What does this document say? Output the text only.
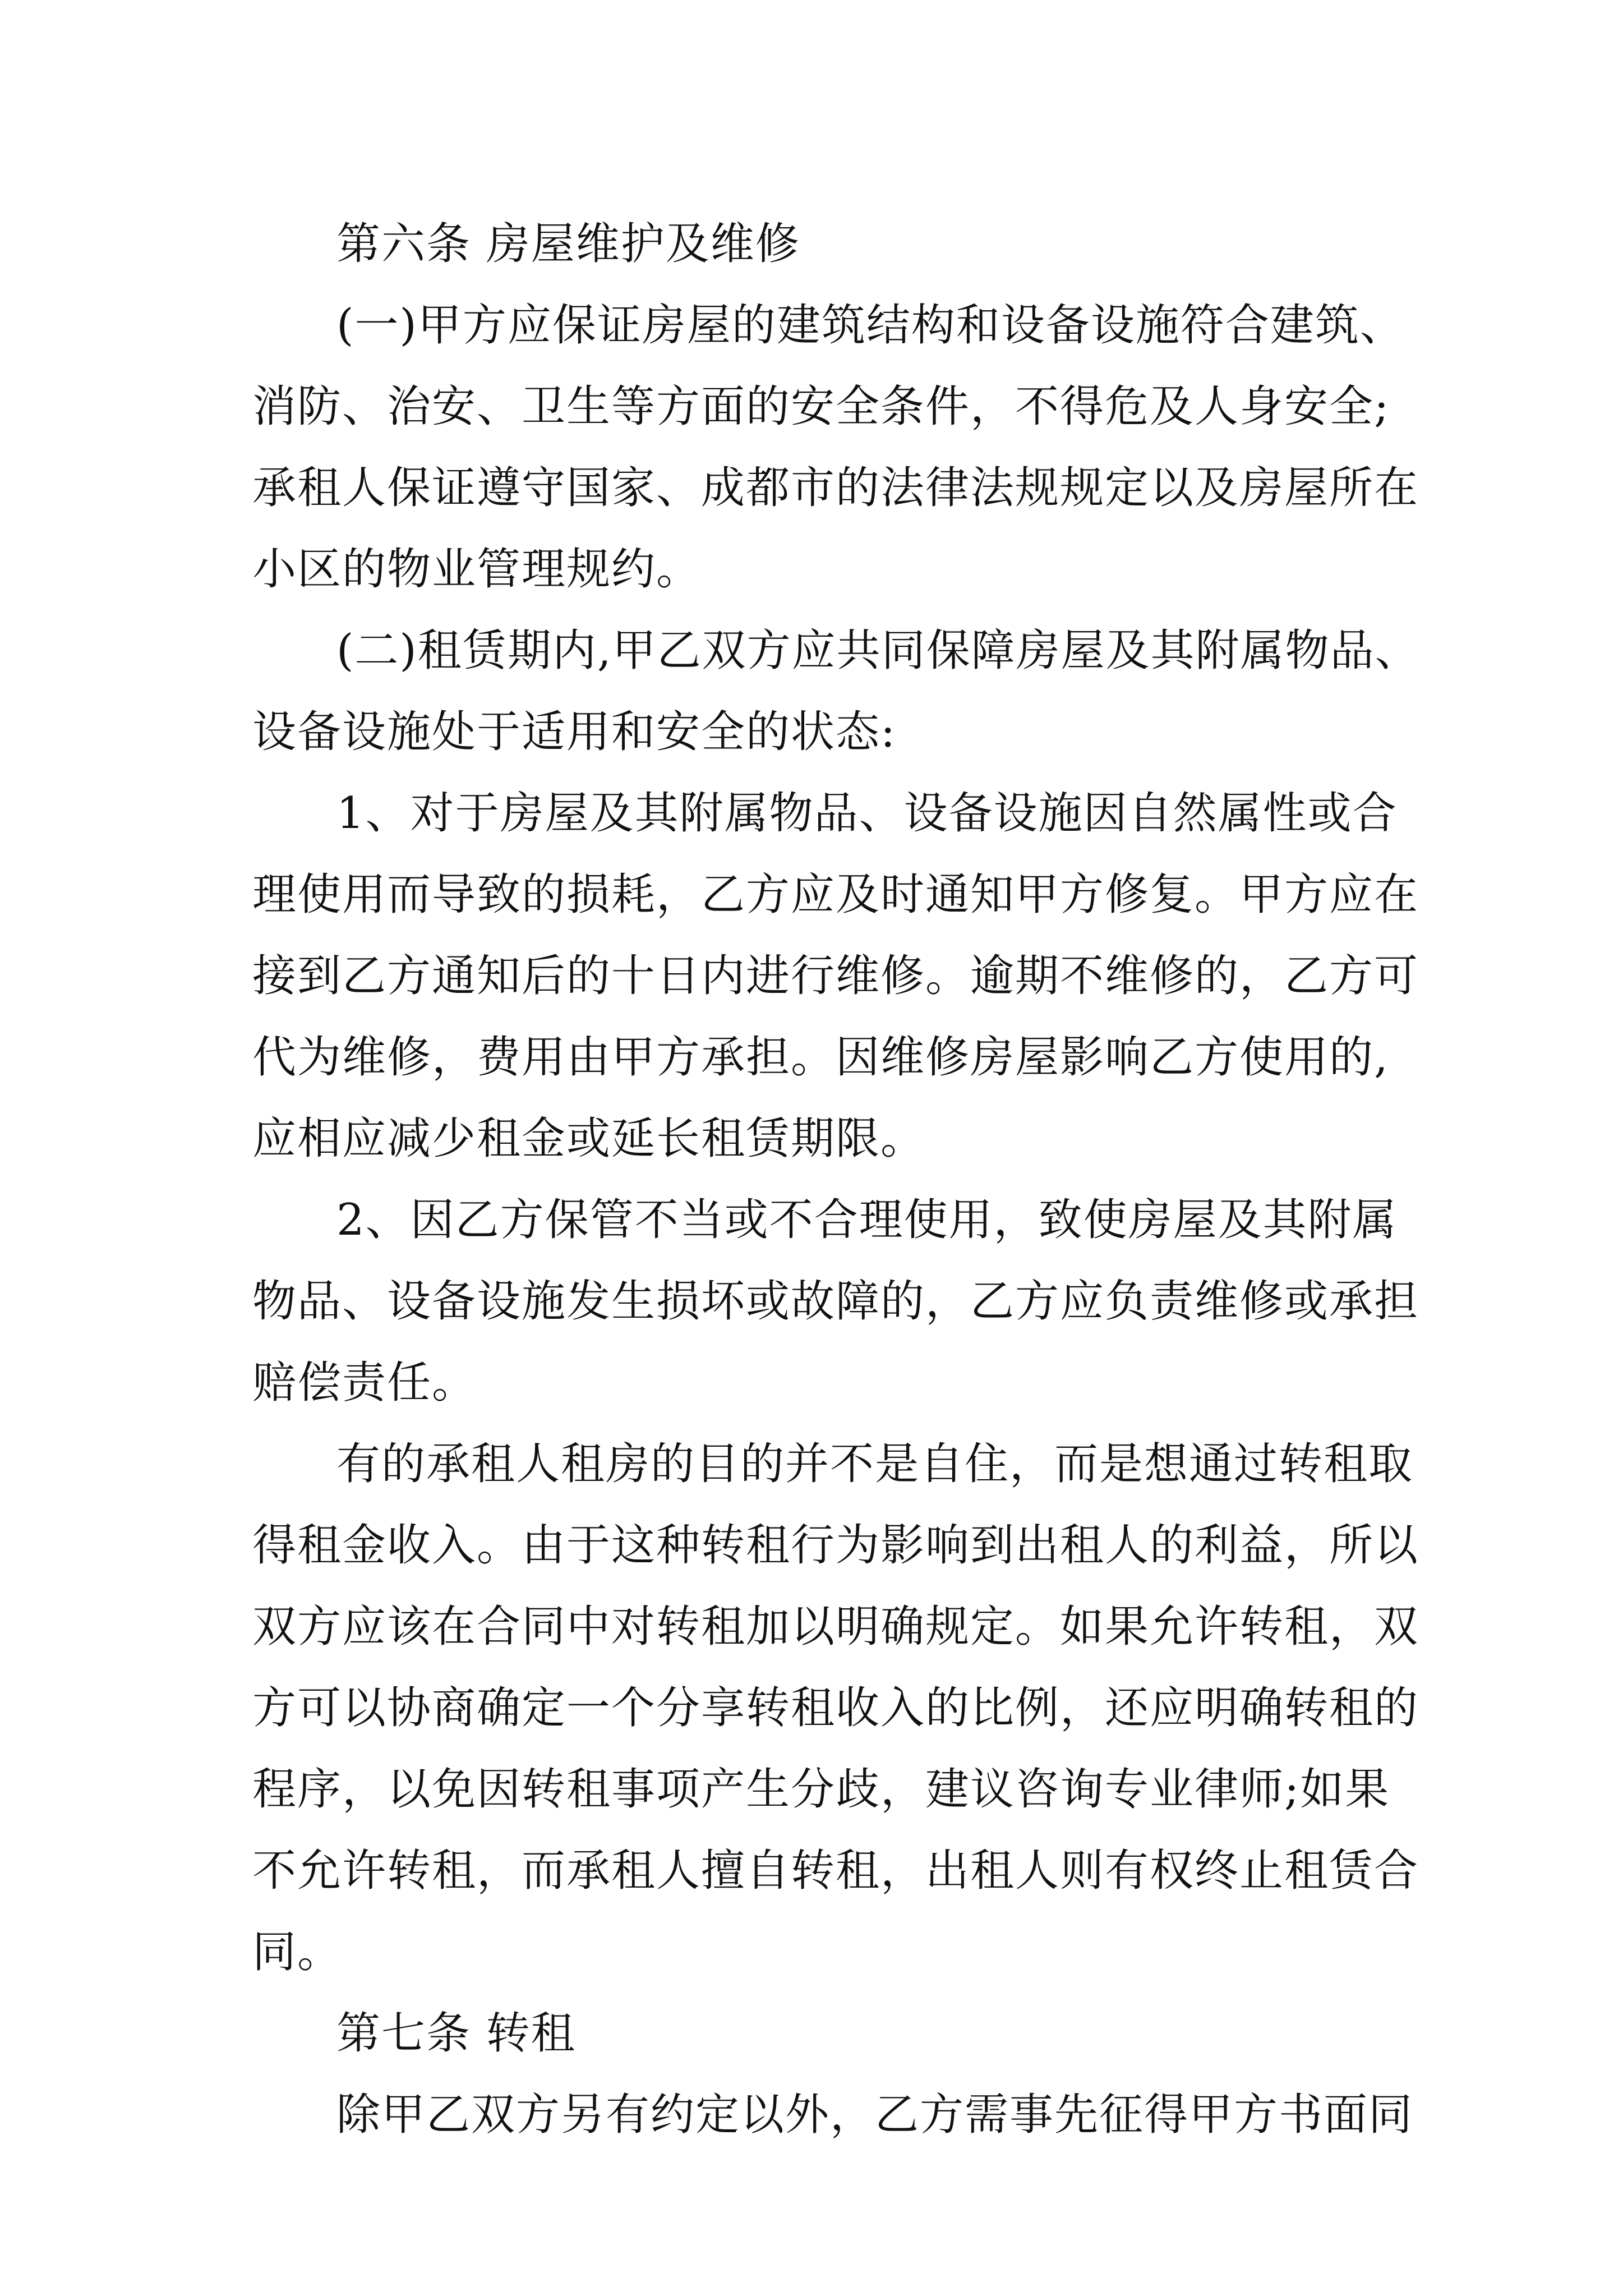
第六条 房屋维护及维修
(一)甲方应保证房屋的建筑结构和设备设施符合建筑、
消防、治安、卫生等方面的安全条件，不得危及人身安全;
承租人保证遵守国家、成都市的法律法规规定以及房屋所在
小区的物业管理规约。
(二)租赁期内,甲乙双方应共同保障房屋及其附属物品、
设备设施处于适用和安全的状态:
1、对于房屋及其附属物品、设备设施因自然属性或合
理使用而导致的损耗，乙方应及时通知甲方修复。甲方应在
接到乙方通知后的十日内进行维修。逾期不维修的，乙方可
代为维修，费用由甲方承担。因维修房屋影响乙方使用的,
应相应减少租金或延长租赁期限。
2、因乙方保管不当或不合理使用，致使房屋及其附属
物品、设备设施发生损坏或故障的，乙方应负责维修或承担
赔偿责任。
有的承租人租房的目的并不是自住，而是想通过转租取
得租金收入。由于这种转租行为影响到出租人的利益，所以
双方应该在合同中对转租加以明确规定。如果允许转租，双
方可以协商确定一个分享转租收入的比例，还应明确转租的
程序，以免因转租事项产生分歧，建议咨询专业律师;如果
不允许转租，而承租人擅自转租，出租人则有权终止租赁合
同。
第七条 转租
除甲乙双方另有约定以外，乙方需事先征得甲方书面同
